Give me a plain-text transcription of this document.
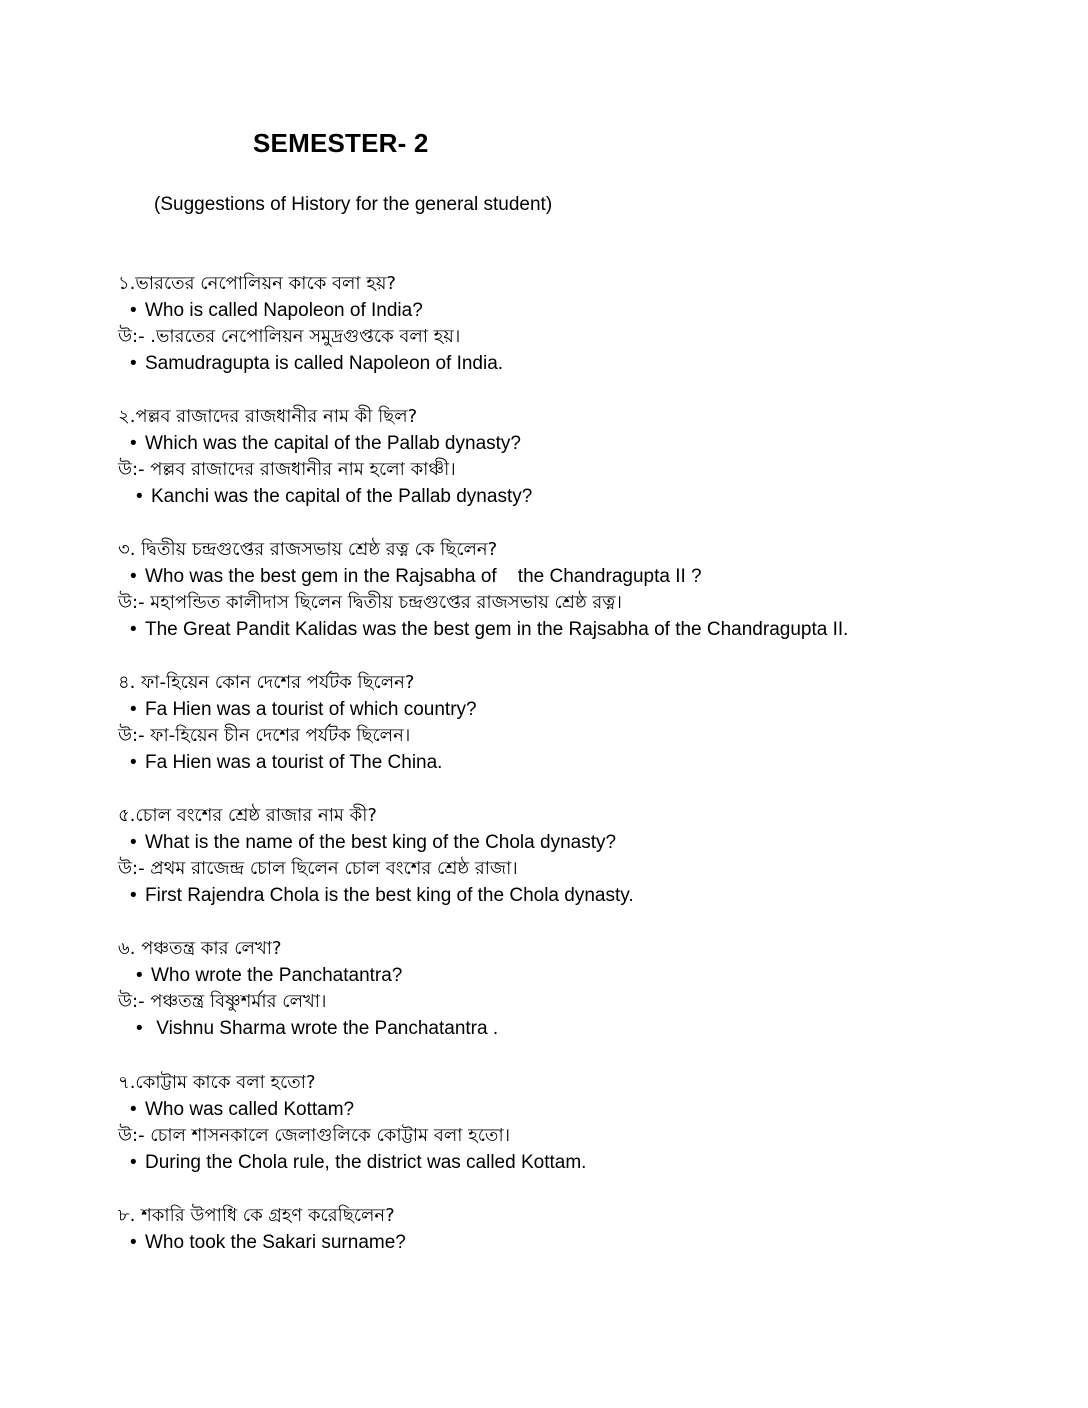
SEMESTER- 2
(Suggestions of History for the general student)
১.ভারতের নেপোলিয়ন কাকে বলা হয়?
• Who is called Napoleon of India?
উ:- .ভারতের নেপোলিয়ন সমুদ্রগুপ্তকে বলা হয়।
• Samudragupta is called Napoleon of India.
২.পল্লব রাজাদের রাজধানীর নাম কী ছিল?
• Which was the capital of the Pallab dynasty?
উ:- পল্লব রাজাদের রাজধানীর নাম হলো কাঞ্চী।
• Kanchi was the capital of the Pallab dynasty?
৩. দ্বিতীয় চন্দ্রগুপ্তের রাজসভায় শ্রেষ্ঠ রত্ন কে ছিলেন?
• Who was the best gem in the Rajsabha of    the Chandragupta II ?
উ:- মহাপন্ডিত কালীদাস ছিলেন দ্বিতীয় চন্দ্রগুপ্তের রাজসভায় শ্রেষ্ঠ রত্ন।
• The Great Pandit Kalidas was the best gem in the Rajsabha of the Chandragupta II.
৪. ফা-হিয়েন কোন দেশের পর্যটক ছিলেন?
• Fa Hien was a tourist of which country?
উ:- ফা-হিয়েন চীন দেশের পর্যটক ছিলেন।
• Fa Hien was a tourist of The China.
৫.চোল বংশের শ্রেষ্ঠ রাজার নাম কী?
• What is the name of the best king of the Chola dynasty?
উ:- প্রথম রাজেন্দ্র চোল ছিলেন চোল বংশের শ্রেষ্ঠ রাজা।
• First Rajendra Chola is the best king of the Chola dynasty.
৬. পঞ্চতন্ত্র কার লেখা?
• Who wrote the Panchatantra?
উ:- পঞ্চতন্ত্র বিষ্ণুশর্মার লেখা।
•  Vishnu Sharma wrote the Panchatantra .
৭.কোট্টাম কাকে বলা হতো?
• Who was called Kottam?
উ:- চোল শাসনকালে জেলাগুলিকে কোট্টাম বলা হতো।
• During the Chola rule, the district was called Kottam.
৮. শকারি উপাধি কে গ্রহণ করেছিলেন?
• Who took the Sakari surname?
